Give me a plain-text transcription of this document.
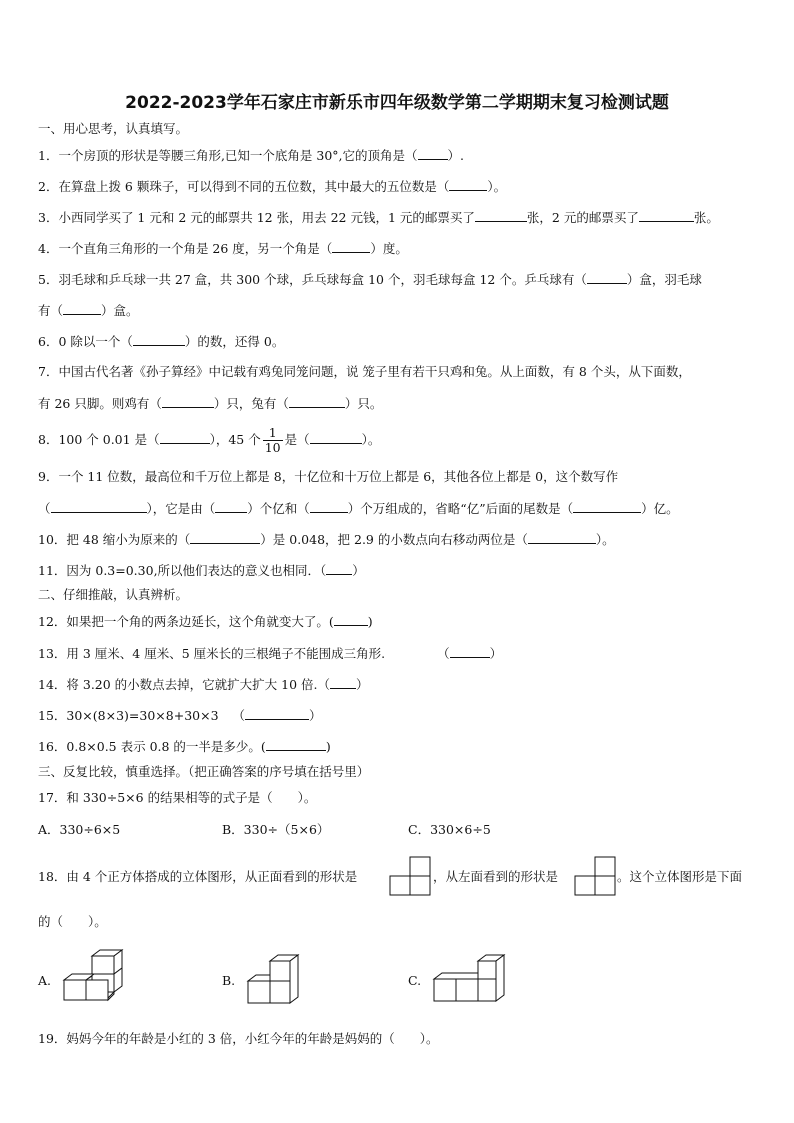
2022-2023学年石家庄市新乐市四年级数学第二学期期末复习检测试题
一、用心思考，认真填写。
1．一个房顶的形状是等腰三角形,已知一个底角是 30°,它的顶角是（ ）.
2．在算盘上拨 6 颗珠子，可以得到不同的五位数，其中最大的五位数是（	）。
3．小西同学买了 1 元和 2 元的邮票共 12 张，用去 22 元钱，1 元的邮票买了	张，2 元的邮票买了	张。
4．一个直角三角形的一个角是 26 度，另一个角是（	）度。
5．羽毛球和乒乓球一共 27 盒，共 300 个球，乒乓球每盒 10 个，羽毛球每盒 12 个。乒乓球有（	）盒，羽毛球
有（	）盒。
6．0 除以一个（	）的数，还得 0。
7．中国古代名著《孙子算经》中记载有鸡兔同笼问题，说 笼子里有若干只鸡和兔。从上面数，有 8 个头，从下面数，
有 26 只脚。则鸡有（	）只，兔有（	）只。
8．100 个 0.01 是（	），45 个 $\frac{1}{10}$ 是（	）。
9．一个 11 位数，最高位和千万位上都是 8，十亿位和十万位上都是 6，其他各位上都是 0，这个数写作
（	），它是由（	）个亿和（	）个万组成的，省略“亿”后面的尾数是（	）亿。
10．把 48 缩小为原来的（	）是 0.048，把 2.9 的小数点向右移动两位是（	）。
11．因为 0.3=0.30,所以他们表达的意义也相同．（ ）
二、仔细推敲，认真辨析。
12．如果把一个角的两条边延长，这个角就变大了。(	)
13．用 3 厘米、4 厘米、5 厘米长的三根绳子不能围成三角形.	（	）
14．将 3.20 的小数点去掉，它就扩大扩大 10 倍.（ ）
15．30×(8×3)=30×8+30×3 （	）
16．0.8×0.5 表示 0.8 的一半是多少。(	)
三、反复比较，慎重选择。（把正确答案的序号填在括号里）
17．和 330÷5×6 的结果相等的式子是（　　）。
A．330÷6×5	B．330÷（5×6）	C．330×6÷5
18．由 4 个正方体搭成的立体图形，从正面看到的形状是	，从左面看到的形状是	。这个立体图形是下面
的（　　）。
A.	B.	C.
19．妈妈今年的年龄是小红的 3 倍，小红今年的年龄是妈妈的（　　）。
